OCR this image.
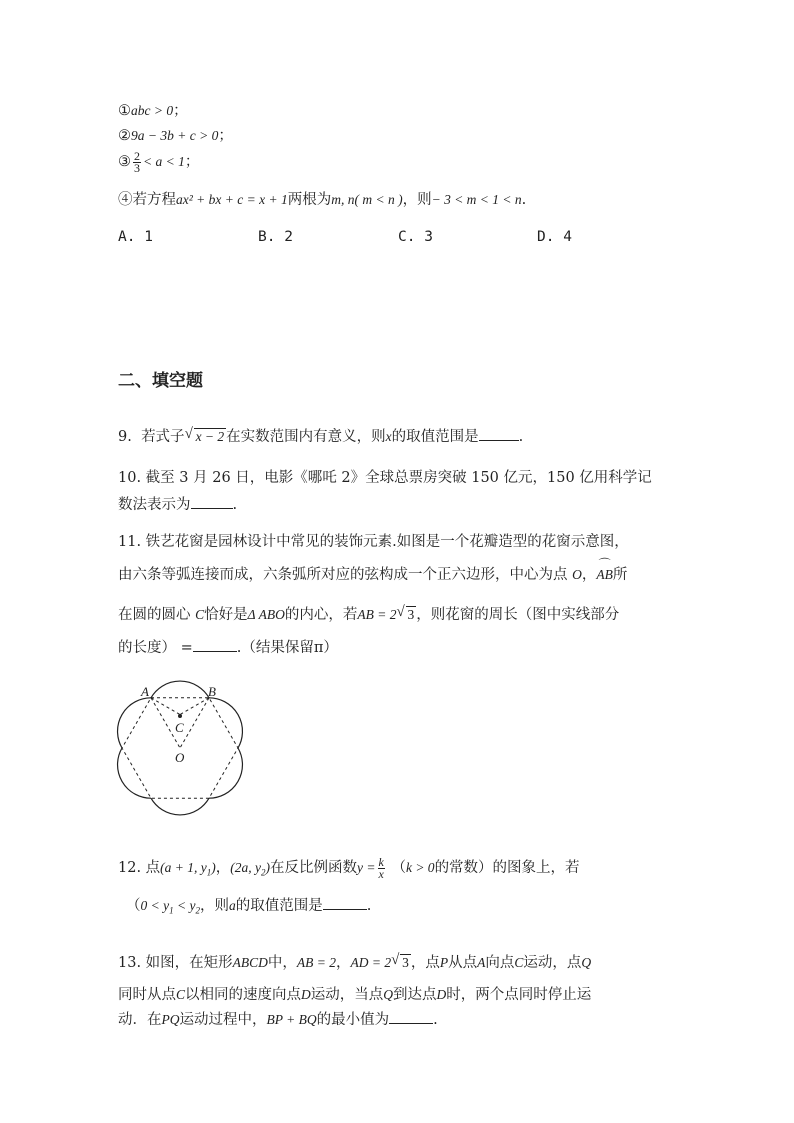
①abc > 0；
②9a − 3b + c > 0；
③ $\frac{2}{3} < a < 1$；
④若方程ax² + bx + c = x + 1两根为m, n( m < n )，则− 3 < m < 1 < n.
A. 1	B. 2	C. 3	D. 4
二、填空题
9. 若式子 √ x − 2 在实数范围内有意义，则x的取值范围是	.
10. 截至 3 月 26 日，电影《哪吒 2》全球总票房突破 150 亿元，150 亿用科学记
数法表示为	.
11. 铁艺花窗是园林设计中常见的装饰元素.如图是一个花瓣造型的花窗示意图，
由六条等弧连接而成，六条弧所对应的弦构成一个正六边形，中心为点 O，
⌒
AB所
在圆的圆心 C恰好是Δ ABO的内心，若AB = 2 √ 3 ，则花窗的周长（图中实线部分
的长度） =	.（结果保留π）
A	B
C
O
12. 点(a + 1, $y_1$)，(2a, $y_2$)在反比例函数$y = \frac{k}{x} (k > 0$的常数）的图象上，若
（$0 < y_1 < y_2$，则a的取值范围是	.
13. 如图，在矩形ABCD中，AB = 2，AD = 2 √ 3 ，点P从点A向点C运动，点Q
同时从点C以相同的速度向点D运动，当点Q到达点D时，两个点同时停止运
动．在PQ运动过程中，BP + BQ的最小值为	.
